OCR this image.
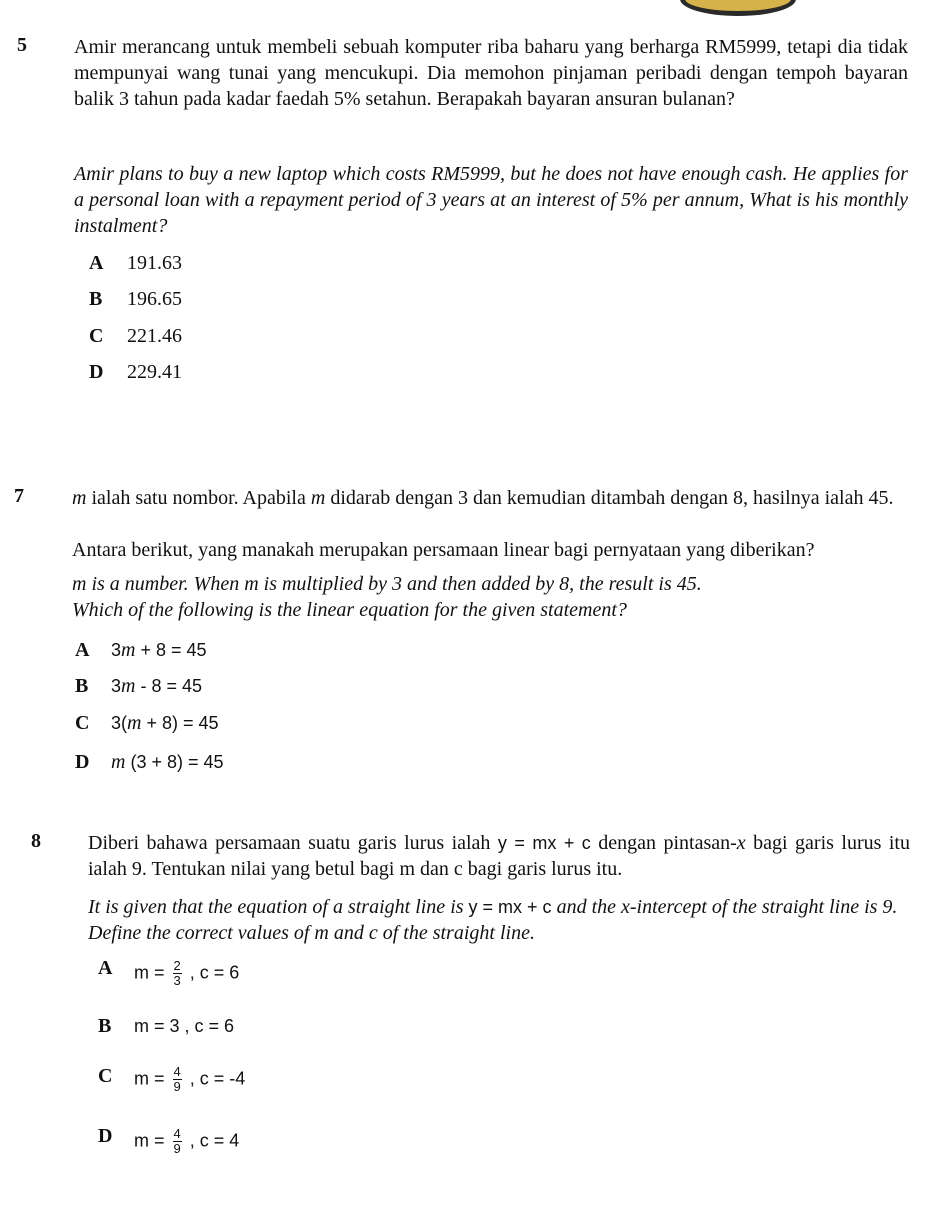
5 Amir merancang untuk membeli sebuah komputer riba baharu yang berharga RM5999, tetapi dia tidak mempunyai wang tunai yang mencukupi. Dia memohon pinjaman peribadi dengan tempoh bayaran balik 3 tahun pada kadar faedah 5% setahun. Berapakah bayaran ansuran bulanan?
Amir plans to buy a new laptop which costs RM5999, but he does not have enough cash. He applies for a personal loan with a repayment period of 3 years at an interest of 5% per annum, What is his monthly instalment?
A 191.63
B 196.65
C 221.46
D 229.41
7 m ialah satu nombor. Apabila m didarab dengan 3 dan kemudian ditambah dengan 8, hasilnya ialah 45.
Antara berikut, yang manakah merupakan persamaan linear bagi pernyataan yang diberikan?
m is a number. When m is multiplied by 3 and then added by 8, the result is 45.
Which of the following is the linear equation for the given statement?
A 3m + 8 = 45
B 3m - 8 = 45
C 3(m + 8) = 45
D m (3 + 8) = 45
8 Diberi bahawa persamaan suatu garis lurus ialah y = mx + c dengan pintasan-x bagi garis lurus itu ialah 9. Tentukan nilai yang betul bagi m dan c bagi garis lurus itu.
It is given that the equation of a straight line is y = mx + c and the x-intercept of the straight line is 9. Define the correct values of m and c of the straight line.
A $m = \frac{2}{3}$ , c = 6
B m = 3 , c = 6
C $m = \frac{4}{9}$ , c = -4
D $m = \frac{4}{9}$ , c = 4
